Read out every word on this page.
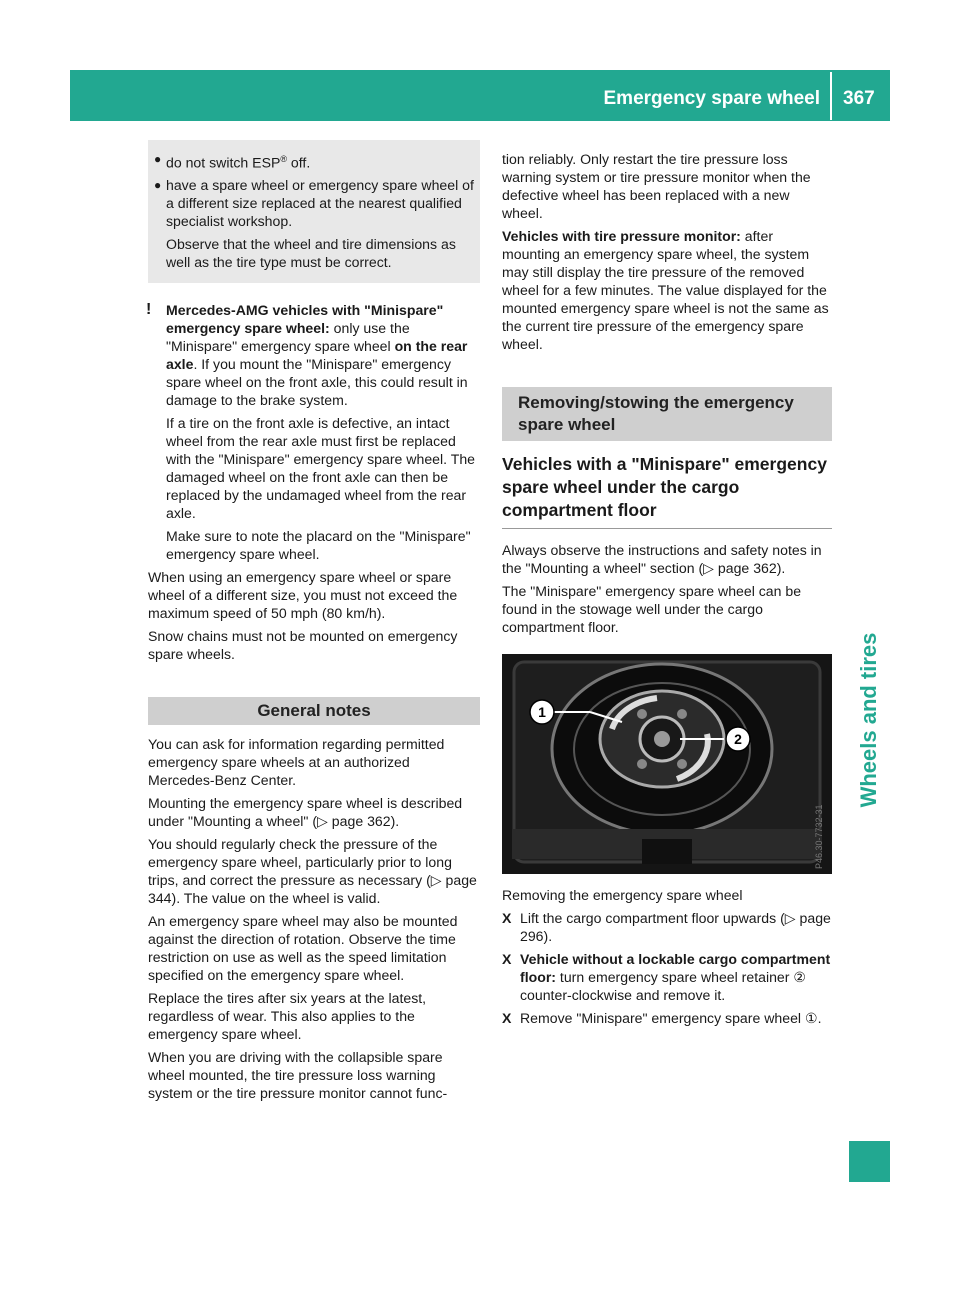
Emergency spare wheel 367
Wheels and tires
● do not switch ESP® off.
● have a spare wheel or emergency spare wheel of a different size replaced at the nearest qualified specialist workshop.

Observe that the wheel and tire dimensions as well as the tire type must be correct.

!	Mercedes-AMG vehicles with "Minispare" emergency spare wheel: only use the "Minispare" emergency spare wheel on the rear axle. If you mount the "Minispare" emergency spare wheel on the front axle, this could result in damage to the brake system.

If a tire on the front axle is defective, an intact wheel from the rear axle must first be replaced with the "Minispare" emergency spare wheel. The damaged wheel on the front axle can then be replaced by the undamaged wheel from the rear axle.

Make sure to note the placard on the "Minispare" emergency spare wheel.

When using an emergency spare wheel or spare wheel of a different size, you must not exceed the maximum speed of 50 mph (80 km/h).

Snow chains must not be mounted on emergency spare wheels.

General notes

You can ask for information regarding permitted emergency spare wheels at an authorized Mercedes-Benz Center.

Mounting the emergency spare wheel is described under "Mounting a wheel" (▷ page 362).

You should regularly check the pressure of the emergency spare wheel, particularly prior to long trips, and correct the pressure as necessary (▷ page 344). The value on the wheel is valid.

An emergency spare wheel may also be mounted against the direction of rotation. Observe the time restriction on use as well as the speed limitation specified on the emergency spare wheel.

Replace the tires after six years at the latest, regardless of wear. This also applies to the emergency spare wheel.

When you are driving with the collapsible spare wheel mounted, the tire pressure loss warning system or the tire pressure monitor cannot func-

tion reliably. Only restart the tire pressure loss warning system or tire pressure monitor when the defective wheel has been replaced with a new wheel.

Vehicles with tire pressure monitor: after mounting an emergency spare wheel, the system may still display the tire pressure of the removed wheel for a few minutes. The value displayed for the mounted emergency spare wheel is not the same as the current tire pressure of the emergency spare wheel.

Removing/stowing the emergency spare wheel
Vehicles with a "Minispare" emergency spare wheel under the cargo compartment floor

Always observe the instructions and safety notes in the "Mounting a wheel" section (▷ page 362).

The "Minispare" emergency spare wheel can be found in the stowage well under the cargo compartment floor.

1
2
P46.30-7732-31

Removing the emergency spare wheel

X Lift the cargo compartment floor upwards (▷ page 296).
X Vehicle without a lockable cargo compartment floor: turn emergency spare wheel retainer ② counter-clockwise and remove it.
X Remove "Minispare" emergency spare wheel ①.
